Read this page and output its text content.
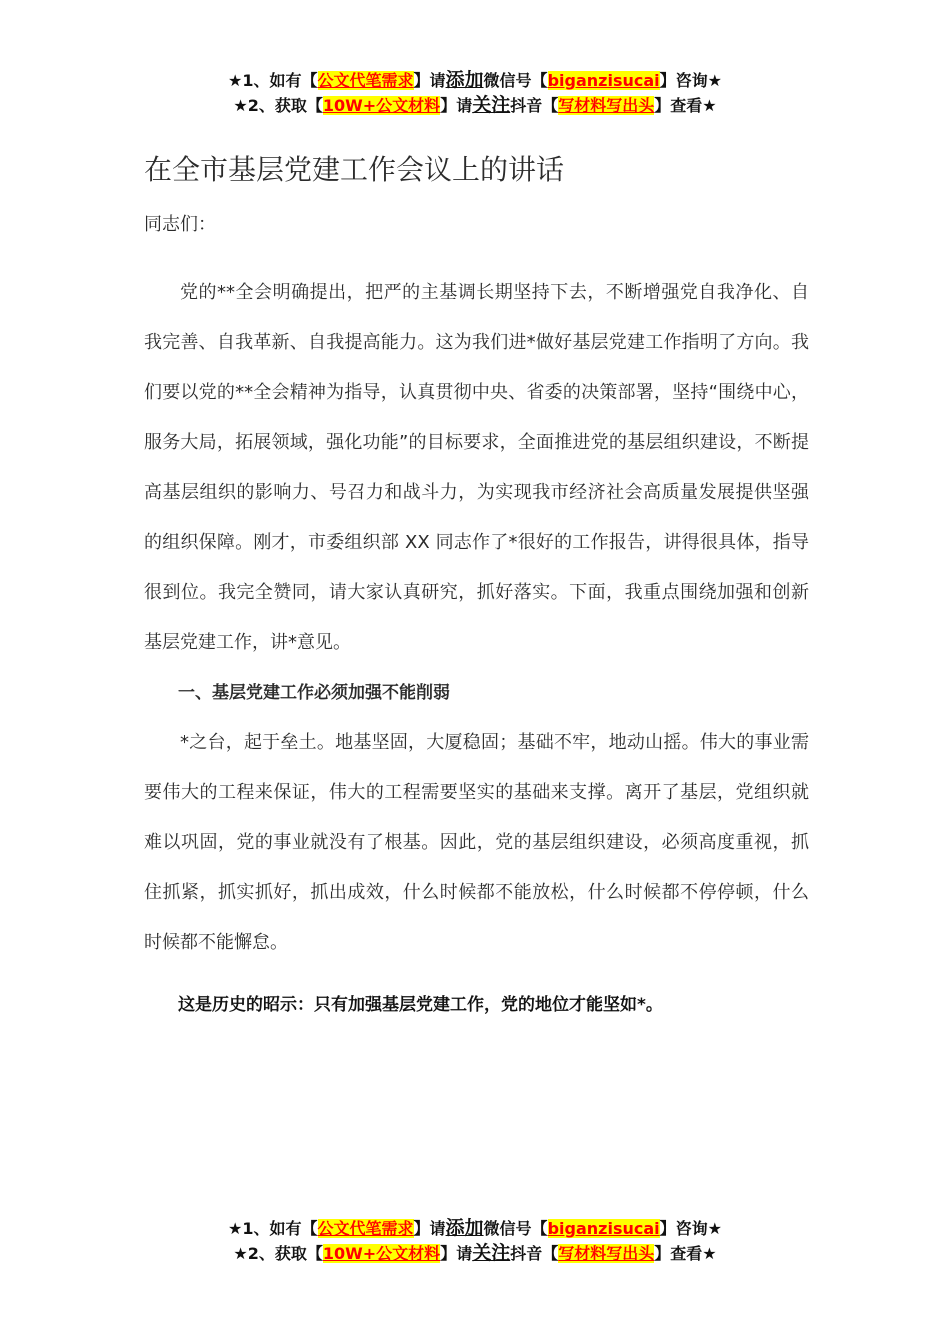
★1、如有【公文代笔需求】请添加微信号【biganzisucai】咨询★
★2、获取【10W+公文材料】请关注抖音【写材料写出头】查看★
在全市基层党建工作会议上的讲话

同志们：

党的**全会明确提出，把严的主基调长期坚持下去，不断增强党自我净化、自我完善、自我革新、自我提高能力。这为我们进*做好基层党建工作指明了方向。我们要以党的**全会精神为指导，认真贯彻中央、省委的决策部署，坚持“围绕中心，服务大局，拓展领域，强化功能”的目标要求，全面推进党的基层组织建设，不断提高基层组织的影响力、号召力和战斗力，为实现我市经济社会高质量发展提供坚强的组织保障。刚才，市委组织部 XX 同志作了*很好的工作报告，讲得很具体，指导很到位。我完全赞同，请大家认真研究，抓好落实。下面，我重点围绕加强和创新基层党建工作，讲*意见。

一、基层党建工作必须加强不能削弱

*之台，起于垒土。地基坚固，大厦稳固；基础不牢，地动山摇。伟大的事业需要伟大的工程来保证，伟大的工程需要坚实的基础来支撑。离开了基层，党组织就难以巩固，党的事业就没有了根基。因此，党的基层组织建设，必须高度重视，抓住抓紧，抓实抓好，抓出成效，什么时候都不能放松，什么时候都不停停顿，什么时候都不能懈怠。

这是历史的昭示：只有加强基层党建工作，党的地位才能坚如*。

★1、如有【公文代笔需求】请添加微信号【biganzisucai】咨询★
★2、获取【10W+公文材料】请关注抖音【写材料写出头】查看★
